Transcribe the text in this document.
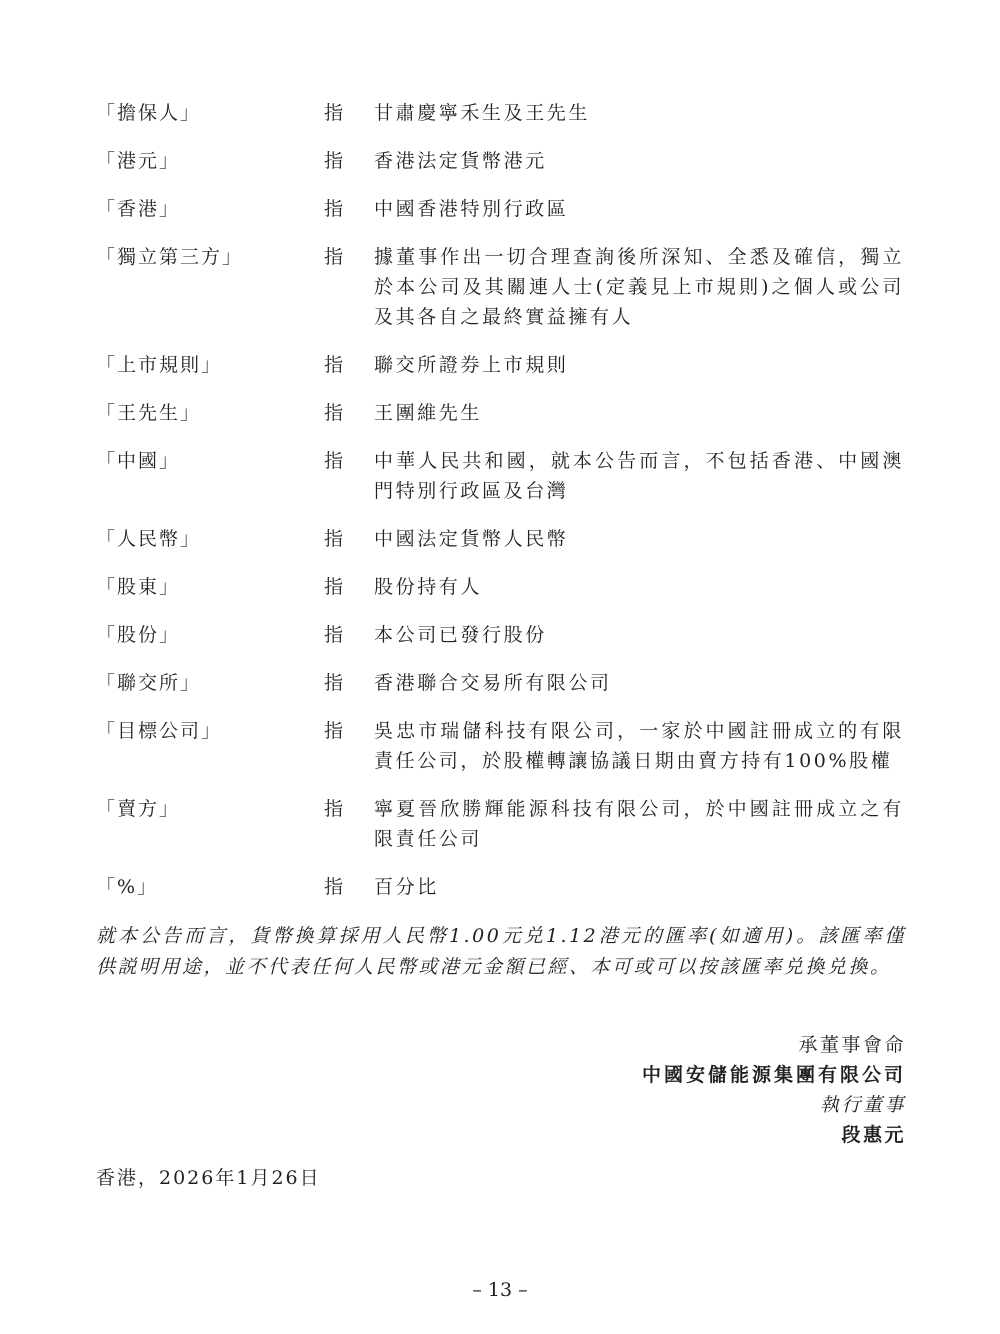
「擔保人」	指	甘肅慶寧禾生及王先生
「港元」	指	香港法定貨幣港元
「香港」	指	中國香港特別行政區
「獨立第三方」	指	據董事作出一切合理查詢後所深知、全悉及確信，獨立於本公司及其關連人士(定義見上市規則)之個人或公司及其各自之最終實益擁有人
「上市規則」	指	聯交所證券上市規則
「王先生」	指	王團維先生
「中國」	指	中華人民共和國，就本公告而言，不包括香港、中國澳門特別行政區及台灣
「人民幣」	指	中國法定貨幣人民幣
「股東」	指	股份持有人
「股份」	指	本公司已發行股份
「聯交所」	指	香港聯合交易所有限公司
「目標公司」	指	吳忠市瑞儲科技有限公司，一家於中國註冊成立的有限責任公司，於股權轉讓協議日期由賣方持有100%股權
「賣方」	指	寧夏晉欣勝輝能源科技有限公司，於中國註冊成立之有限責任公司
「%」	指	百分比
就本公告而言，貨幣換算採用人民幣1.00元兑1.12港元的匯率(如適用)。該匯率僅供説明用途，並不代表任何人民幣或港元金額已經、本可或可以按該匯率兑換兑換。
承董事會命
中國安儲能源集團有限公司
執行董事
段惠元
香港，2026年1月26日
– 13 –
